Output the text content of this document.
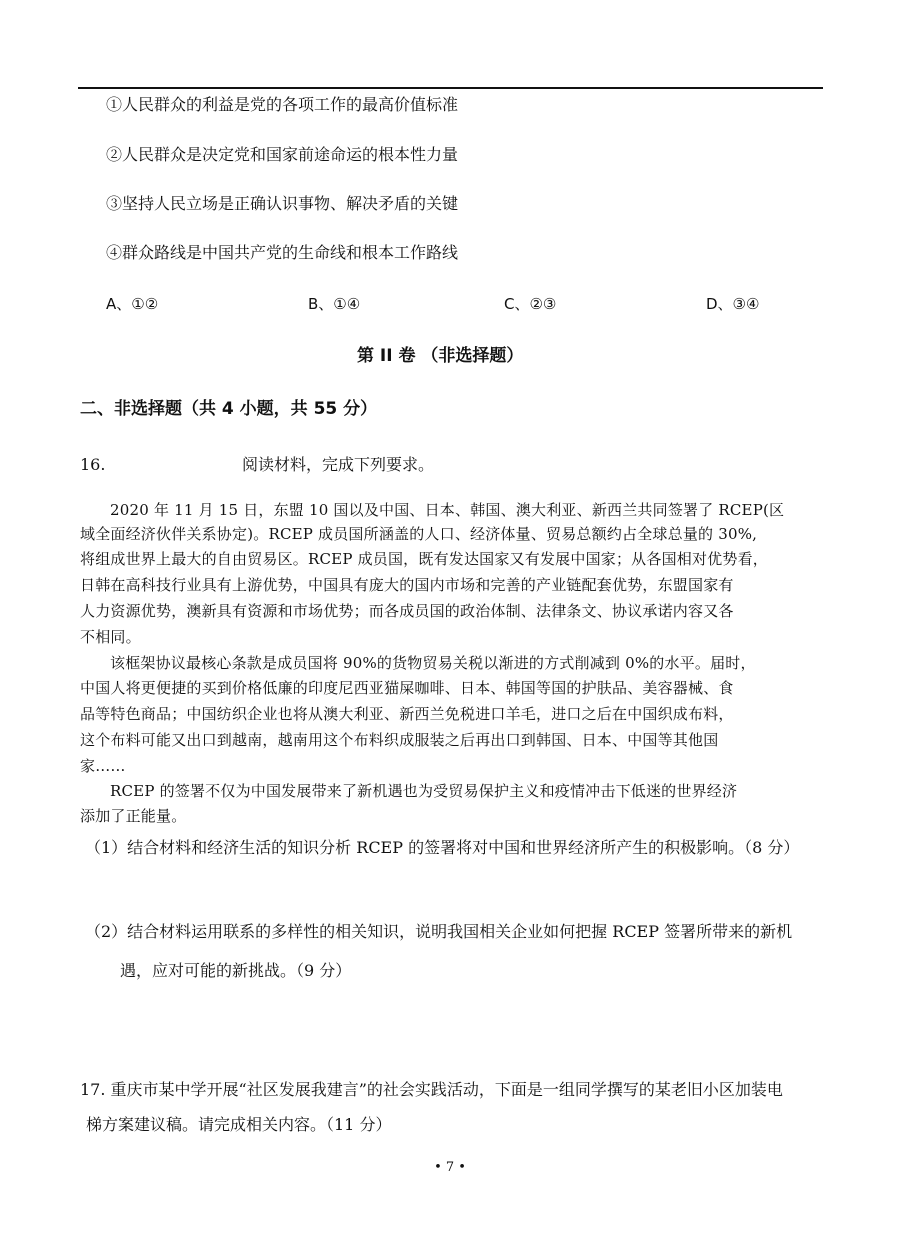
①人民群众的利益是党的各项工作的最高价值标准
②人民群众是决定党和国家前途命运的根本性力量
③坚持人民立场是正确认识事物、解决矛盾的关键
④群众路线是中国共产党的生命线和根本工作路线
A、①②	B、①④	C、②③	D、③④
第 II 卷 （非选择题）
二、非选择题（共 4 小题，共 55 分）
16.	阅读材料，完成下列要求。
2020 年 11 月 15 日，东盟 10 国以及中国、日本、韩国、澳大利亚、新西兰共同签署了 RCEP(区
域全面经济伙伴关系协定)。RCEP 成员国所涵盖的人口、经济体量、贸易总额约占全球总量的 30%,
将组成世界上最大的自由贸易区。RCEP 成员国，既有发达国家又有发展中国家；从各国相对优势看，
日韩在高科技行业具有上游优势，中国具有庞大的国内市场和完善的产业链配套优势，东盟国家有
人力资源优势，澳新具有资源和市场优势；而各成员国的政治体制、法律条文、协议承诺内容又各
不相同。
该框架协议最核心条款是成员国将 90%的货物贸易关税以渐进的方式削减到 0%的水平。届时，
中国人将更便捷的买到价格低廉的印度尼西亚猫屎咖啡、日本、韩国等国的护肤品、美容器械、食
品等特色商品；中国纺织企业也将从澳大利亚、新西兰免税进口羊毛，进口之后在中国织成布料，
这个布料可能又出口到越南，越南用这个布料织成服装之后再出口到韩国、日本、中国等其他国
家……
RCEP 的签署不仅为中国发展带来了新机遇也为受贸易保护主义和疫情冲击下低迷的世界经济
添加了正能量。
（1）结合材料和经济生活的知识分析 RCEP 的签署将对中国和世界经济所产生的积极影响。（8 分）
（2）结合材料运用联系的多样性的相关知识，说明我国相关企业如何把握 RCEP 签署所带来的新机
遇，应对可能的新挑战。（9 分）
17. 重庆市某中学开展“社区发展我建言”的社会实践活动，下面是一组同学撰写的某老旧小区加装电
梯方案建议稿。请完成相关内容。（11 分）
• 7 •
